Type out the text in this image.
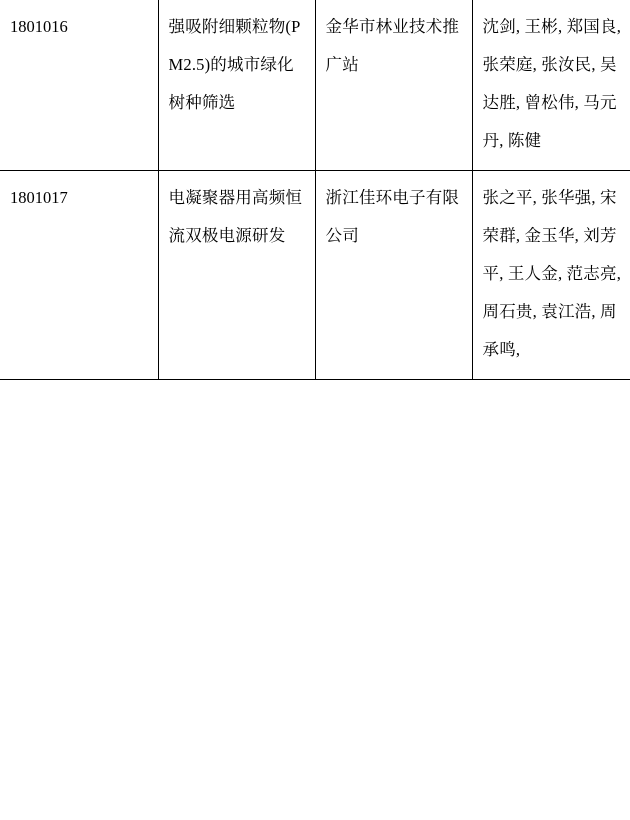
1801016	强吸附细颗粒物(PM2.5)的城市绿化树种筛选	金华市林业技术推广站	沈剑, 王彬, 郑国良, 张荣庭, 张汝民, 吴达胜, 曾松伟, 马元丹, 陈健
1801017	电凝聚器用高频恒流双极电源研发	浙江佳环电子有限公司	张之平, 张华强, 宋荣群, 金玉华, 刘芳平, 王人金, 范志亮, 周石贵, 袁江浩, 周承鸣,
